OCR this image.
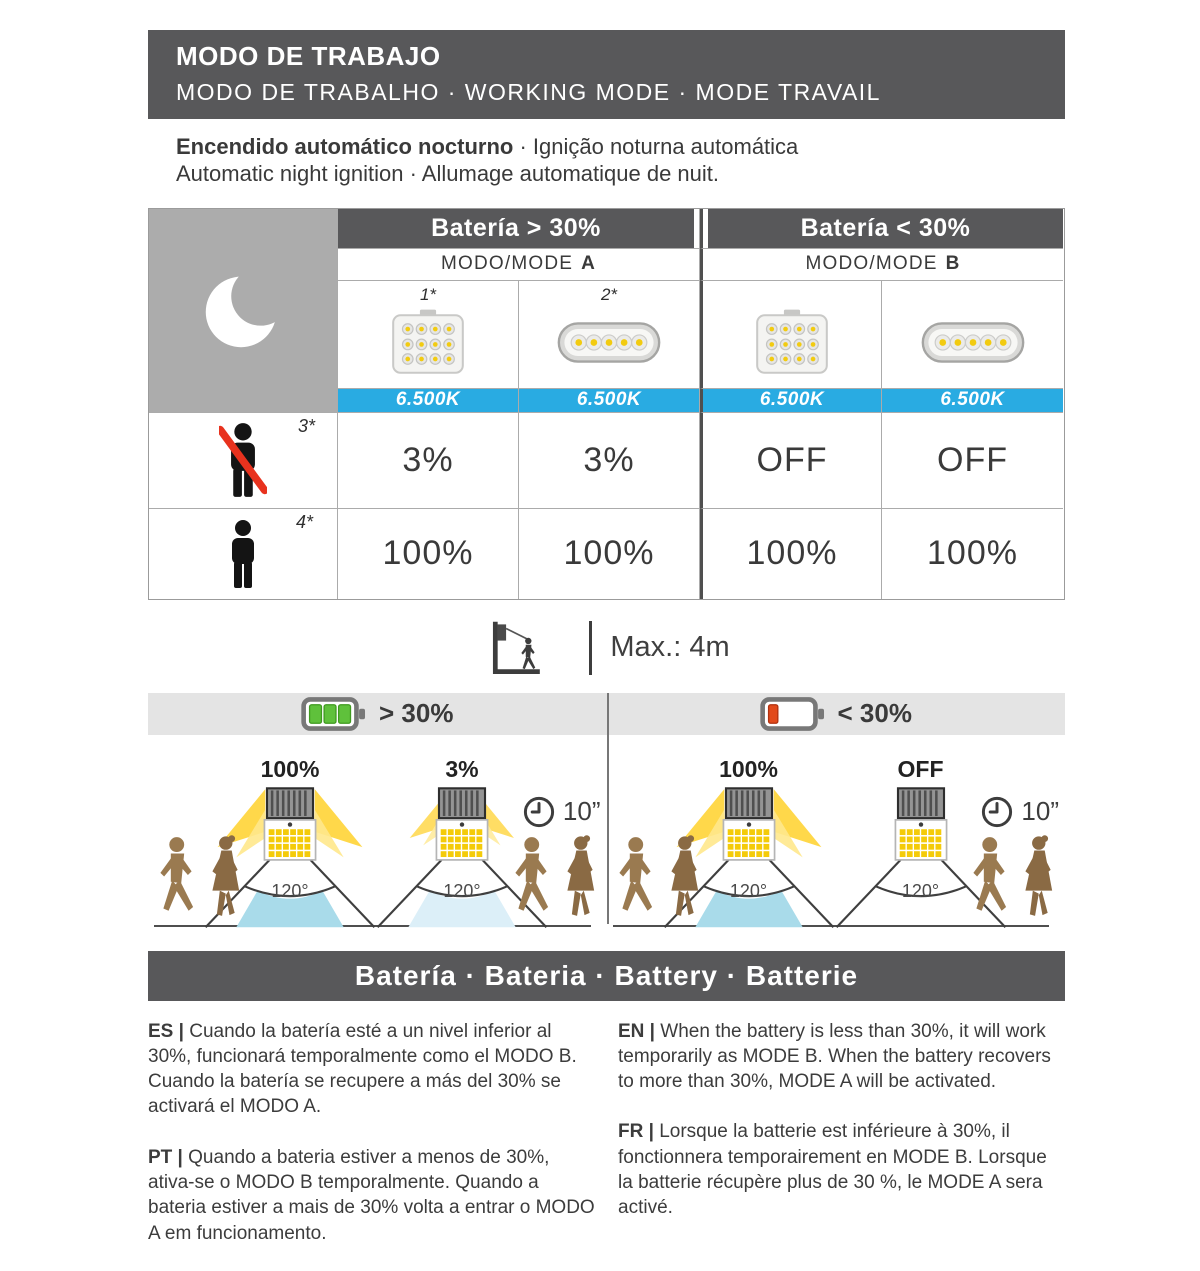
MODO DE TRABAJO
MODO DE TRABALHO · WORKING MODE · MODE TRAVAIL
Encendido automático nocturno · Ignição noturna automática
Automatic night ignition · Allumage automatique de nuit.
Batería > 30%	Batería < 30%
MODO/MODE A	MODO/MODE B
1*	2*
6.500K	6.500K	6.500K	6.500K
3*
3%	3%	OFF	OFF
4*
100%	100%	100%	100%
Max.: 4m
> 30%	< 30%
100%
120°
3%
120°
10”
100%
120°
OFF
120°
10”
Batería · Bateria · Battery · Batterie
ES | Cuando la batería esté a un nivel inferior al 30%, funcionará temporalmente como el MODO B. Cuando la batería se recupere a más del 30% se activará el MODO A.
PT | Quando a bateria estiver a menos de 30%, ativa-se o MODO B temporalmente. Quando a bateria estiver a mais de 30% volta a entrar o MODO A em funcionamento.
EN | When the battery is less than 30%, it will work temporarily as MODE B. When the battery recovers to more than 30%, MODE A will be activated.
FR | Lorsque la batterie est inférieure à 30%, il fonctionnera temporairement en MODE B. Lorsque la batterie récupère plus de 30 %, le MODE A sera activé.
